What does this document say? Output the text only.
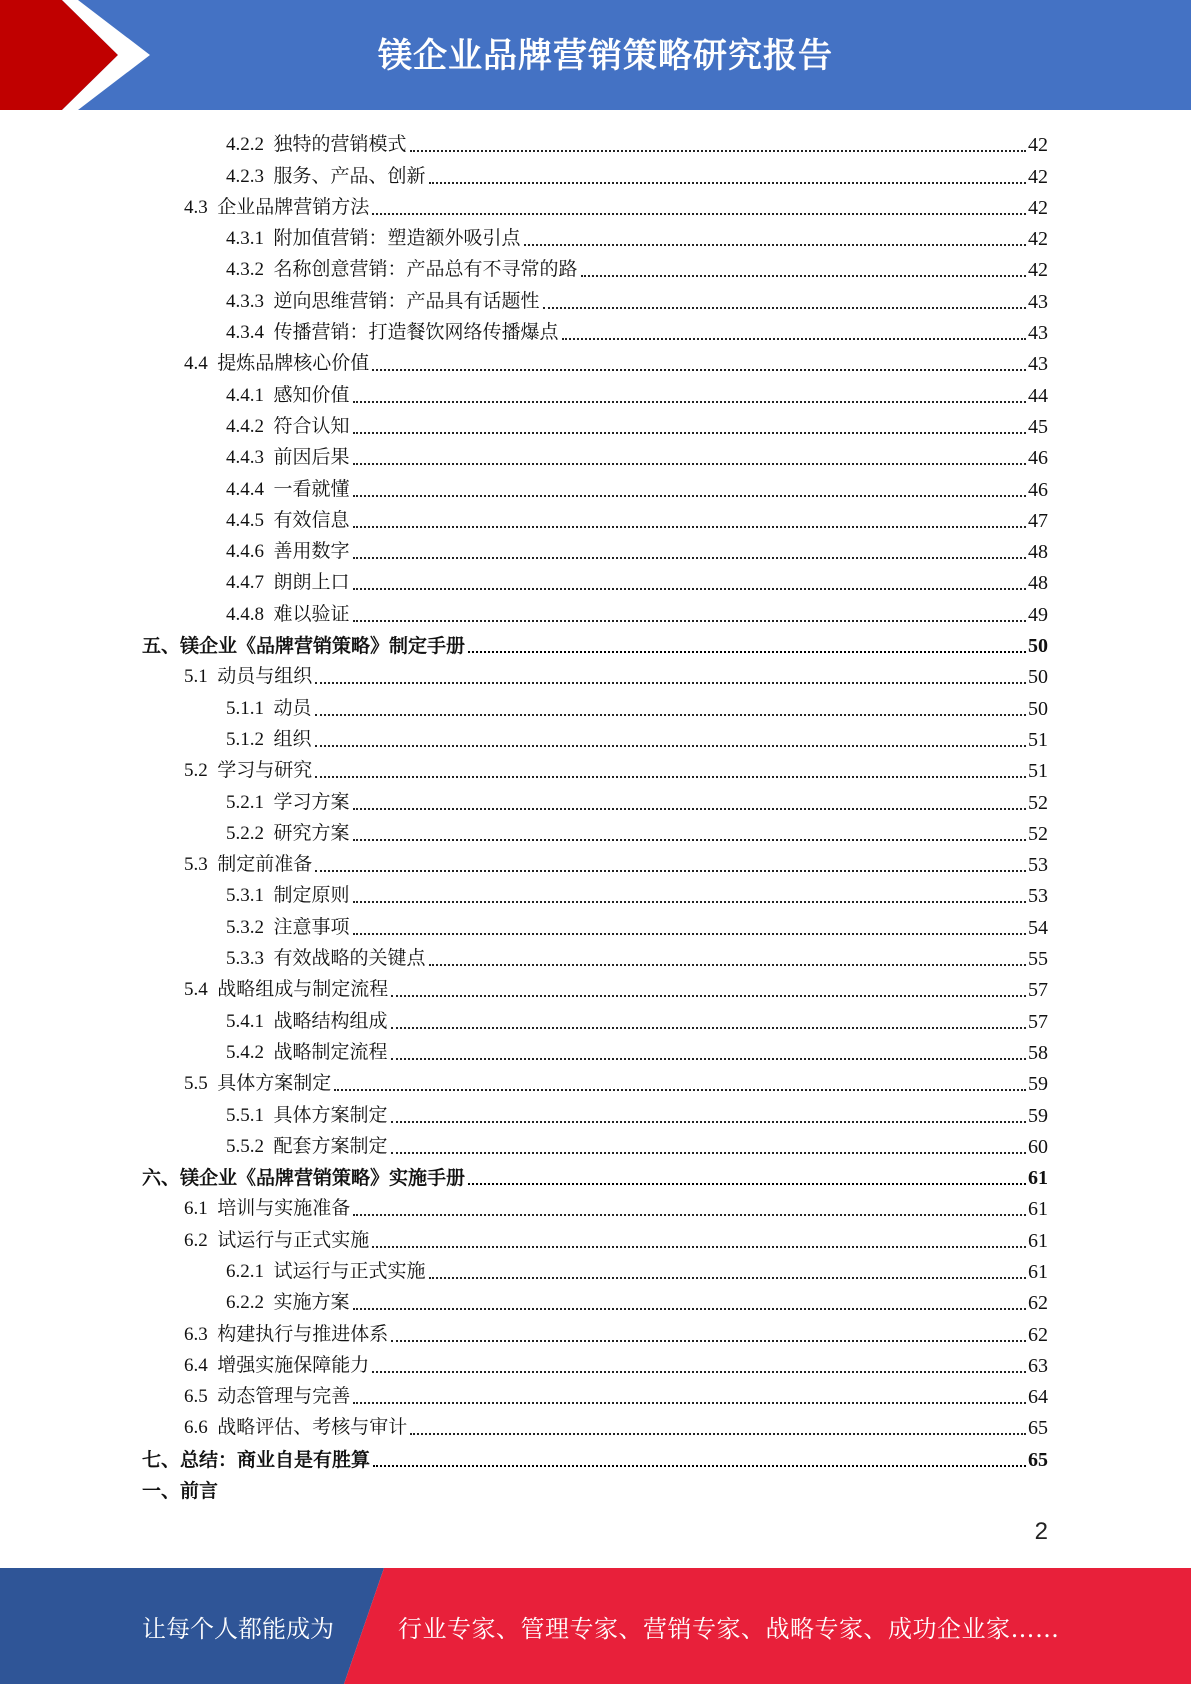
镁企业品牌营销策略研究报告
4.2.2  独特的营销模式	42
4.2.3  服务、产品、创新	42
4.3  企业品牌营销方法	42
4.3.1  附加值营销：塑造额外吸引点	42
4.3.2  名称创意营销：产品总有不寻常的路	42
4.3.3  逆向思维营销：产品具有话题性	43
4.3.4  传播营销：打造餐饮网络传播爆点	43
4.4  提炼品牌核心价值	43
4.4.1  感知价值	44
4.4.2  符合认知	45
4.4.3  前因后果	46
4.4.4  一看就懂	46
4.4.5  有效信息	47
4.4.6  善用数字	48
4.4.7  朗朗上口	48
4.4.8  难以验证	49
五、镁企业《品牌营销策略》制定手册	50
5.1  动员与组织	50
5.1.1  动员	50
5.1.2  组织	51
5.2  学习与研究	51
5.2.1  学习方案	52
5.2.2  研究方案	52
5.3  制定前准备	53
5.3.1  制定原则	53
5.3.2  注意事项	54
5.3.3  有效战略的关键点	55
5.4  战略组成与制定流程	57
5.4.1  战略结构组成	57
5.4.2  战略制定流程	58
5.5  具体方案制定	59
5.5.1  具体方案制定	59
5.5.2  配套方案制定	60
六、镁企业《品牌营销策略》实施手册	61
6.1  培训与实施准备	61
6.2  试运行与正式实施	61
6.2.1  试运行与正式实施	61
6.2.2  实施方案	62
6.3  构建执行与推进体系	62
6.4  增强实施保障能力	63
6.5  动态管理与完善	64
6.6  战略评估、考核与审计	65
七、总结：商业自是有胜算	65
一、前言
2
让每个人都能成为	行业专家、管理专家、营销专家、战略专家、成功企业家……
